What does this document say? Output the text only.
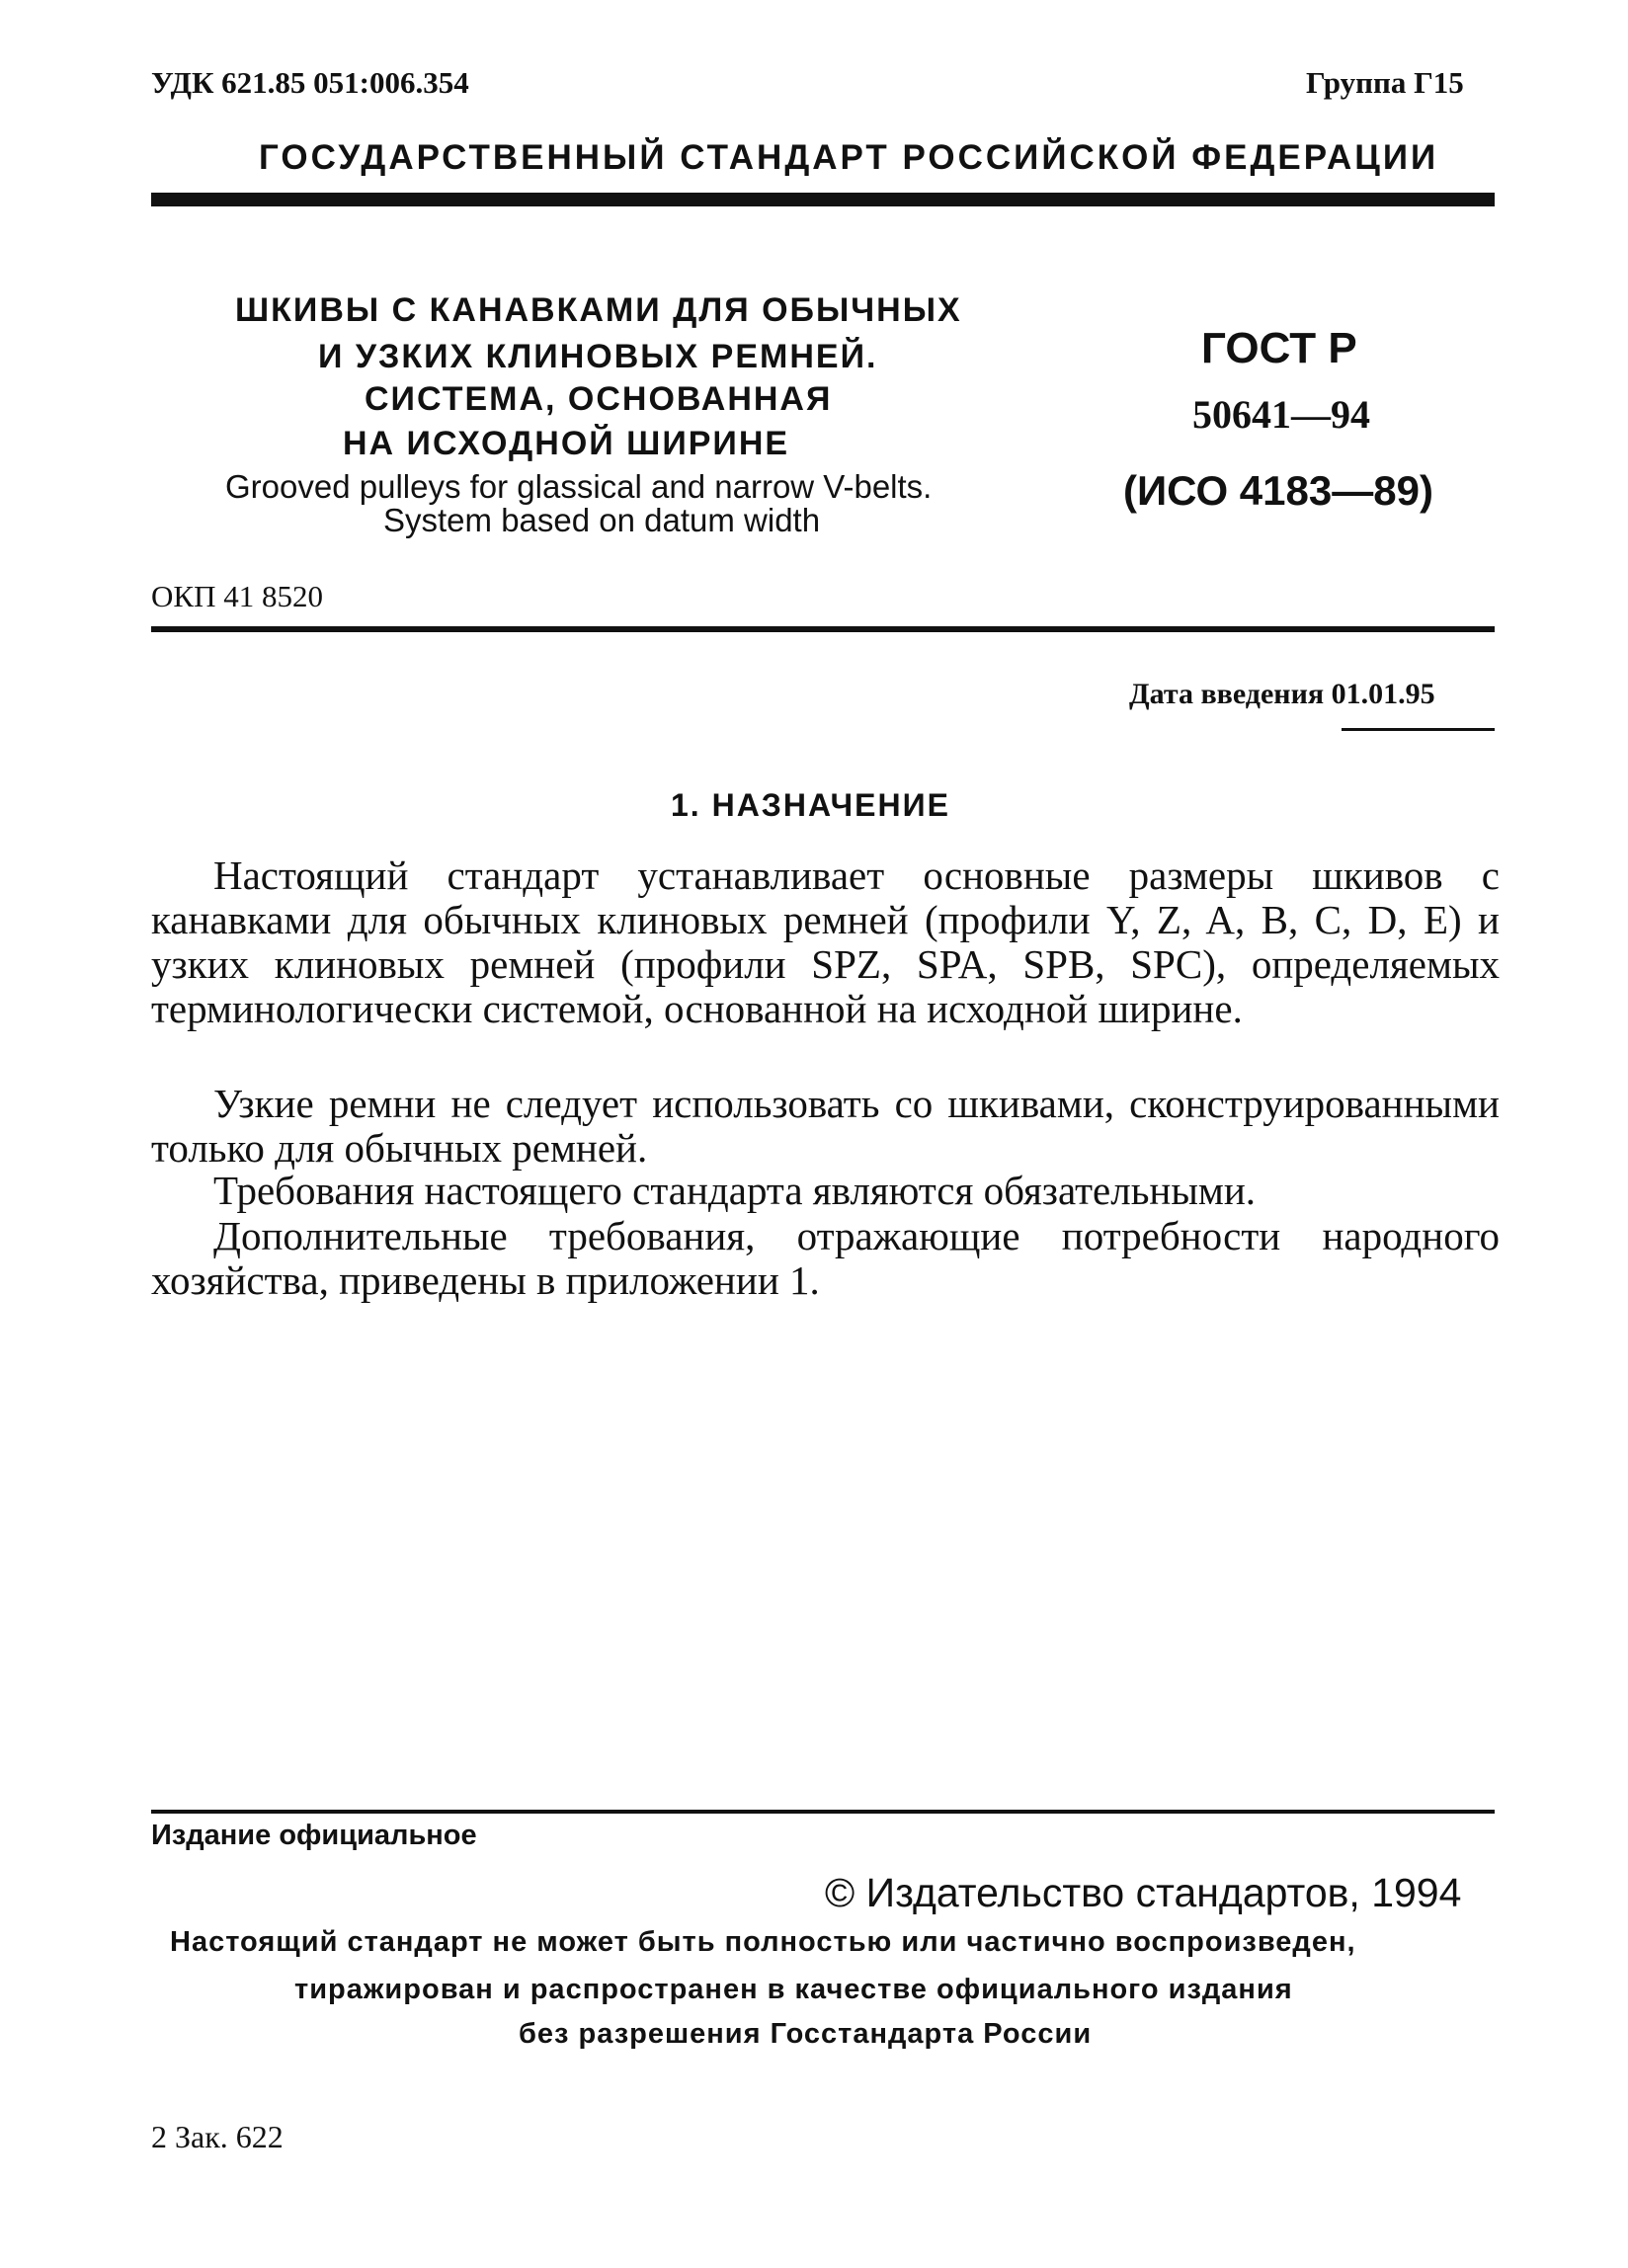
УДК 621.85 051:006.354	Группа Г15
ГОСУДАРСТВЕННЫЙ СТАНДАРТ РОССИЙСКОЙ ФЕДЕРАЦИИ
ШКИВЫ С КАНАВКАМИ ДЛЯ ОБЫЧНЫХ
И УЗКИХ КЛИНОВЫХ РЕМНЕЙ.
СИСТЕМА, ОСНОВАННАЯ
НА ИСХОДНОЙ ШИРИНЕ
Grooved pulleys for glassical and narrow V-belts.
System based on datum width
ГОСТ Р
50641—94
(ИСО 4183—89)
ОКП 41 8520
Дата введения 01.01.95
1. НАЗНАЧЕНИЕ

Настоящий стандарт устанавливает основные размеры шкивов с канавками для обычных клиновых ремней (профили Y, Z, A, B, C, D, E) и узких клиновых ремней (профили SPZ, SPA, SPB, SPC), определяемых терминологически системой, основанной на исходной ширине.

Узкие ремни не следует использовать со шкивами, сконструированными только для обычных ремней.

Требования настоящего стандарта являются обязательными.

Дополнительные требования, отражающие потребности народного хозяйства, приведены в приложении 1.

Издание официальное
© Издательство стандартов, 1994
Настоящий стандарт не может быть полностью или частично воспроизведен,
тиражирован и распространен в качестве официального издания
без разрешения Госстандарта России
2 Зак. 622
